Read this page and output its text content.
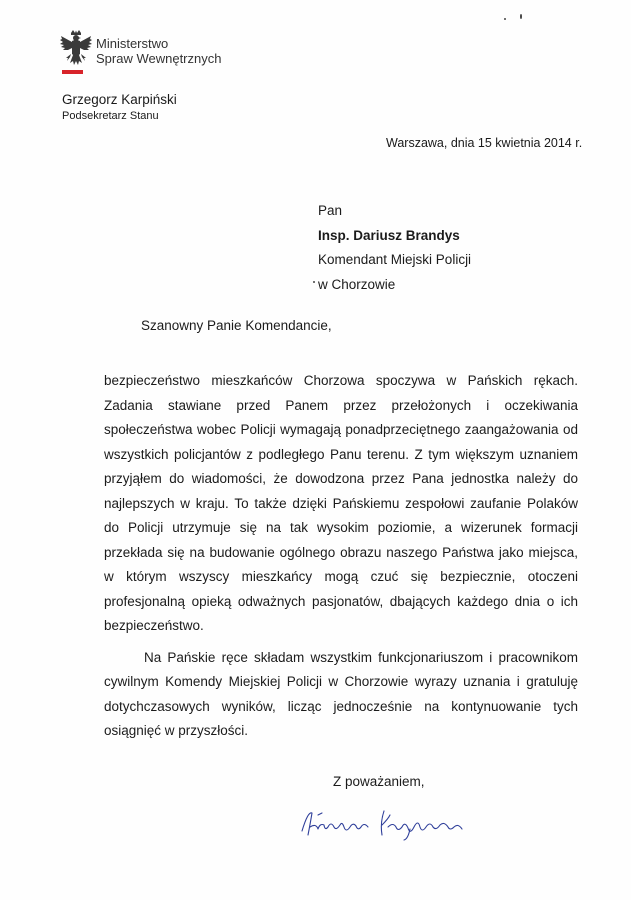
Ministerstwo
Spraw Wewnętrznych
Grzegorz Karpiński
Podsekretarz Stanu
Warszawa, dnia 15 kwietnia 2014 r.
Pan
Insp. Dariusz Brandys
Komendant Miejski Policji
w Chorzowie
Szanowny Panie Komendancie,

bezpieczeństwo mieszkańców Chorzowa spoczywa w Pańskich rękach. Zadania stawiane przed Panem przez przełożonych i oczekiwania społeczeństwa wobec Policji wymagają ponadprzeciętnego zaangażowania od wszystkich policjantów z podległego Panu terenu. Z tym większym uznaniem przyjąłem do wiadomości, że dowodzona przez Pana jednostka należy do najlepszych w kraju. To także dzięki Pańskiemu zespołowi zaufanie Polaków do Policji utrzymuje się na tak wysokim poziomie, a wizerunek formacji przekłada się na budowanie ogólnego obrazu naszego Państwa jako miejsca, w którym wszyscy mieszkańcy mogą czuć się bezpiecznie, otoczeni profesjonalną opieką odważnych pasjonatów, dbających każdego dnia o ich bezpieczeństwo.

Na Pańskie ręce składam wszystkim funkcjonariuszom i pracownikom cywilnym Komendy Miejskiej Policji w Chorzowie wyrazy uznania i gratuluję dotychczasowych wyników, licząc jednocześnie na kontynuowanie tych osiągnięć w przyszłości.

Z poważaniem,
